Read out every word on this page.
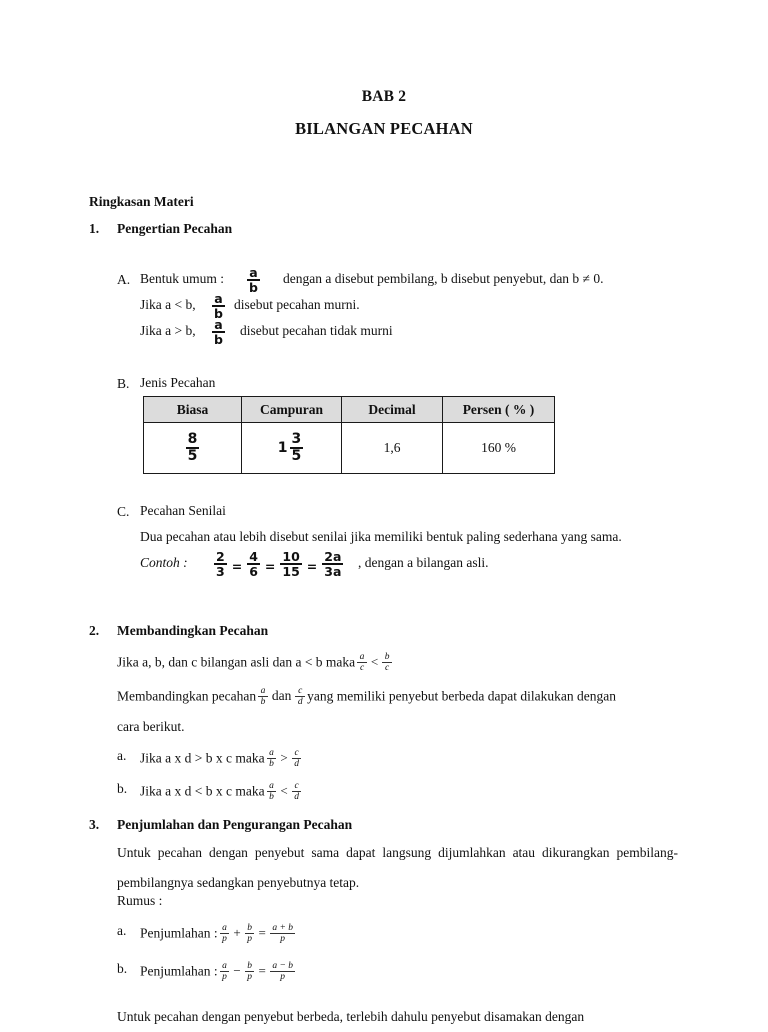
BAB 2
BILANGAN PECAHAN
Ringkasan Materi
1. Pengertian Pecahan
A. Bentuk umum : $\frac{a}{b}$ dengan a disebut pembilang, b disebut penyebut, dan b ≠ 0.
Jika a < b, $\frac{a}{b}$ disebut pecahan murni.
Jika a > b, $\frac{a}{b}$ disebut pecahan tidak murni
B. Jenis Pecahan
Biasa	Campuran	Decimal	Persen ( % )

$\frac{8}{5}$	$1 \frac{3}{5}$	1,6	160 %
C. Pecahan Senilai
Dua pecahan atau lebih disebut senilai jika memiliki bentuk paling sederhana yang sama.
Contoh : $\frac{2}{3} = \frac{4}{6} = \frac{10}{15} = \frac{2a}{3a}$ , dengan a bilangan asli.
2. Membandingkan Pecahan
Jika a, b, dan c bilangan asli dan a < b maka $\frac{a}{c} < \frac{b}{c}$
Membandingkan pecahan $\frac{a}{b}$ dan $\frac{c}{d}$ yang memiliki penyebut berbeda dapat dilakukan dengan
cara berikut.
a. Jika a x d > b x c maka $\frac{a}{b} > \frac{c}{d}$
b. Jika a x d < b x c maka $\frac{a}{b} < \frac{c}{d}$
3. Penjumlahan dan Pengurangan Pecahan
Untuk pecahan dengan penyebut sama dapat langsung dijumlahkan atau dikurangkan pembilang-pembilangnya sedangkan penyebutnya tetap.
Rumus :
a. Penjumlahan : $\frac{a}{p} + \frac{b}{p} = \frac{a + b}{p}$
b. Penjumlahan : $\frac{a}{p} - \frac{b}{p} = \frac{a - b}{p}$
Untuk pecahan dengan penyebut berbeda, terlebih dahulu penyebut disamakan dengan
